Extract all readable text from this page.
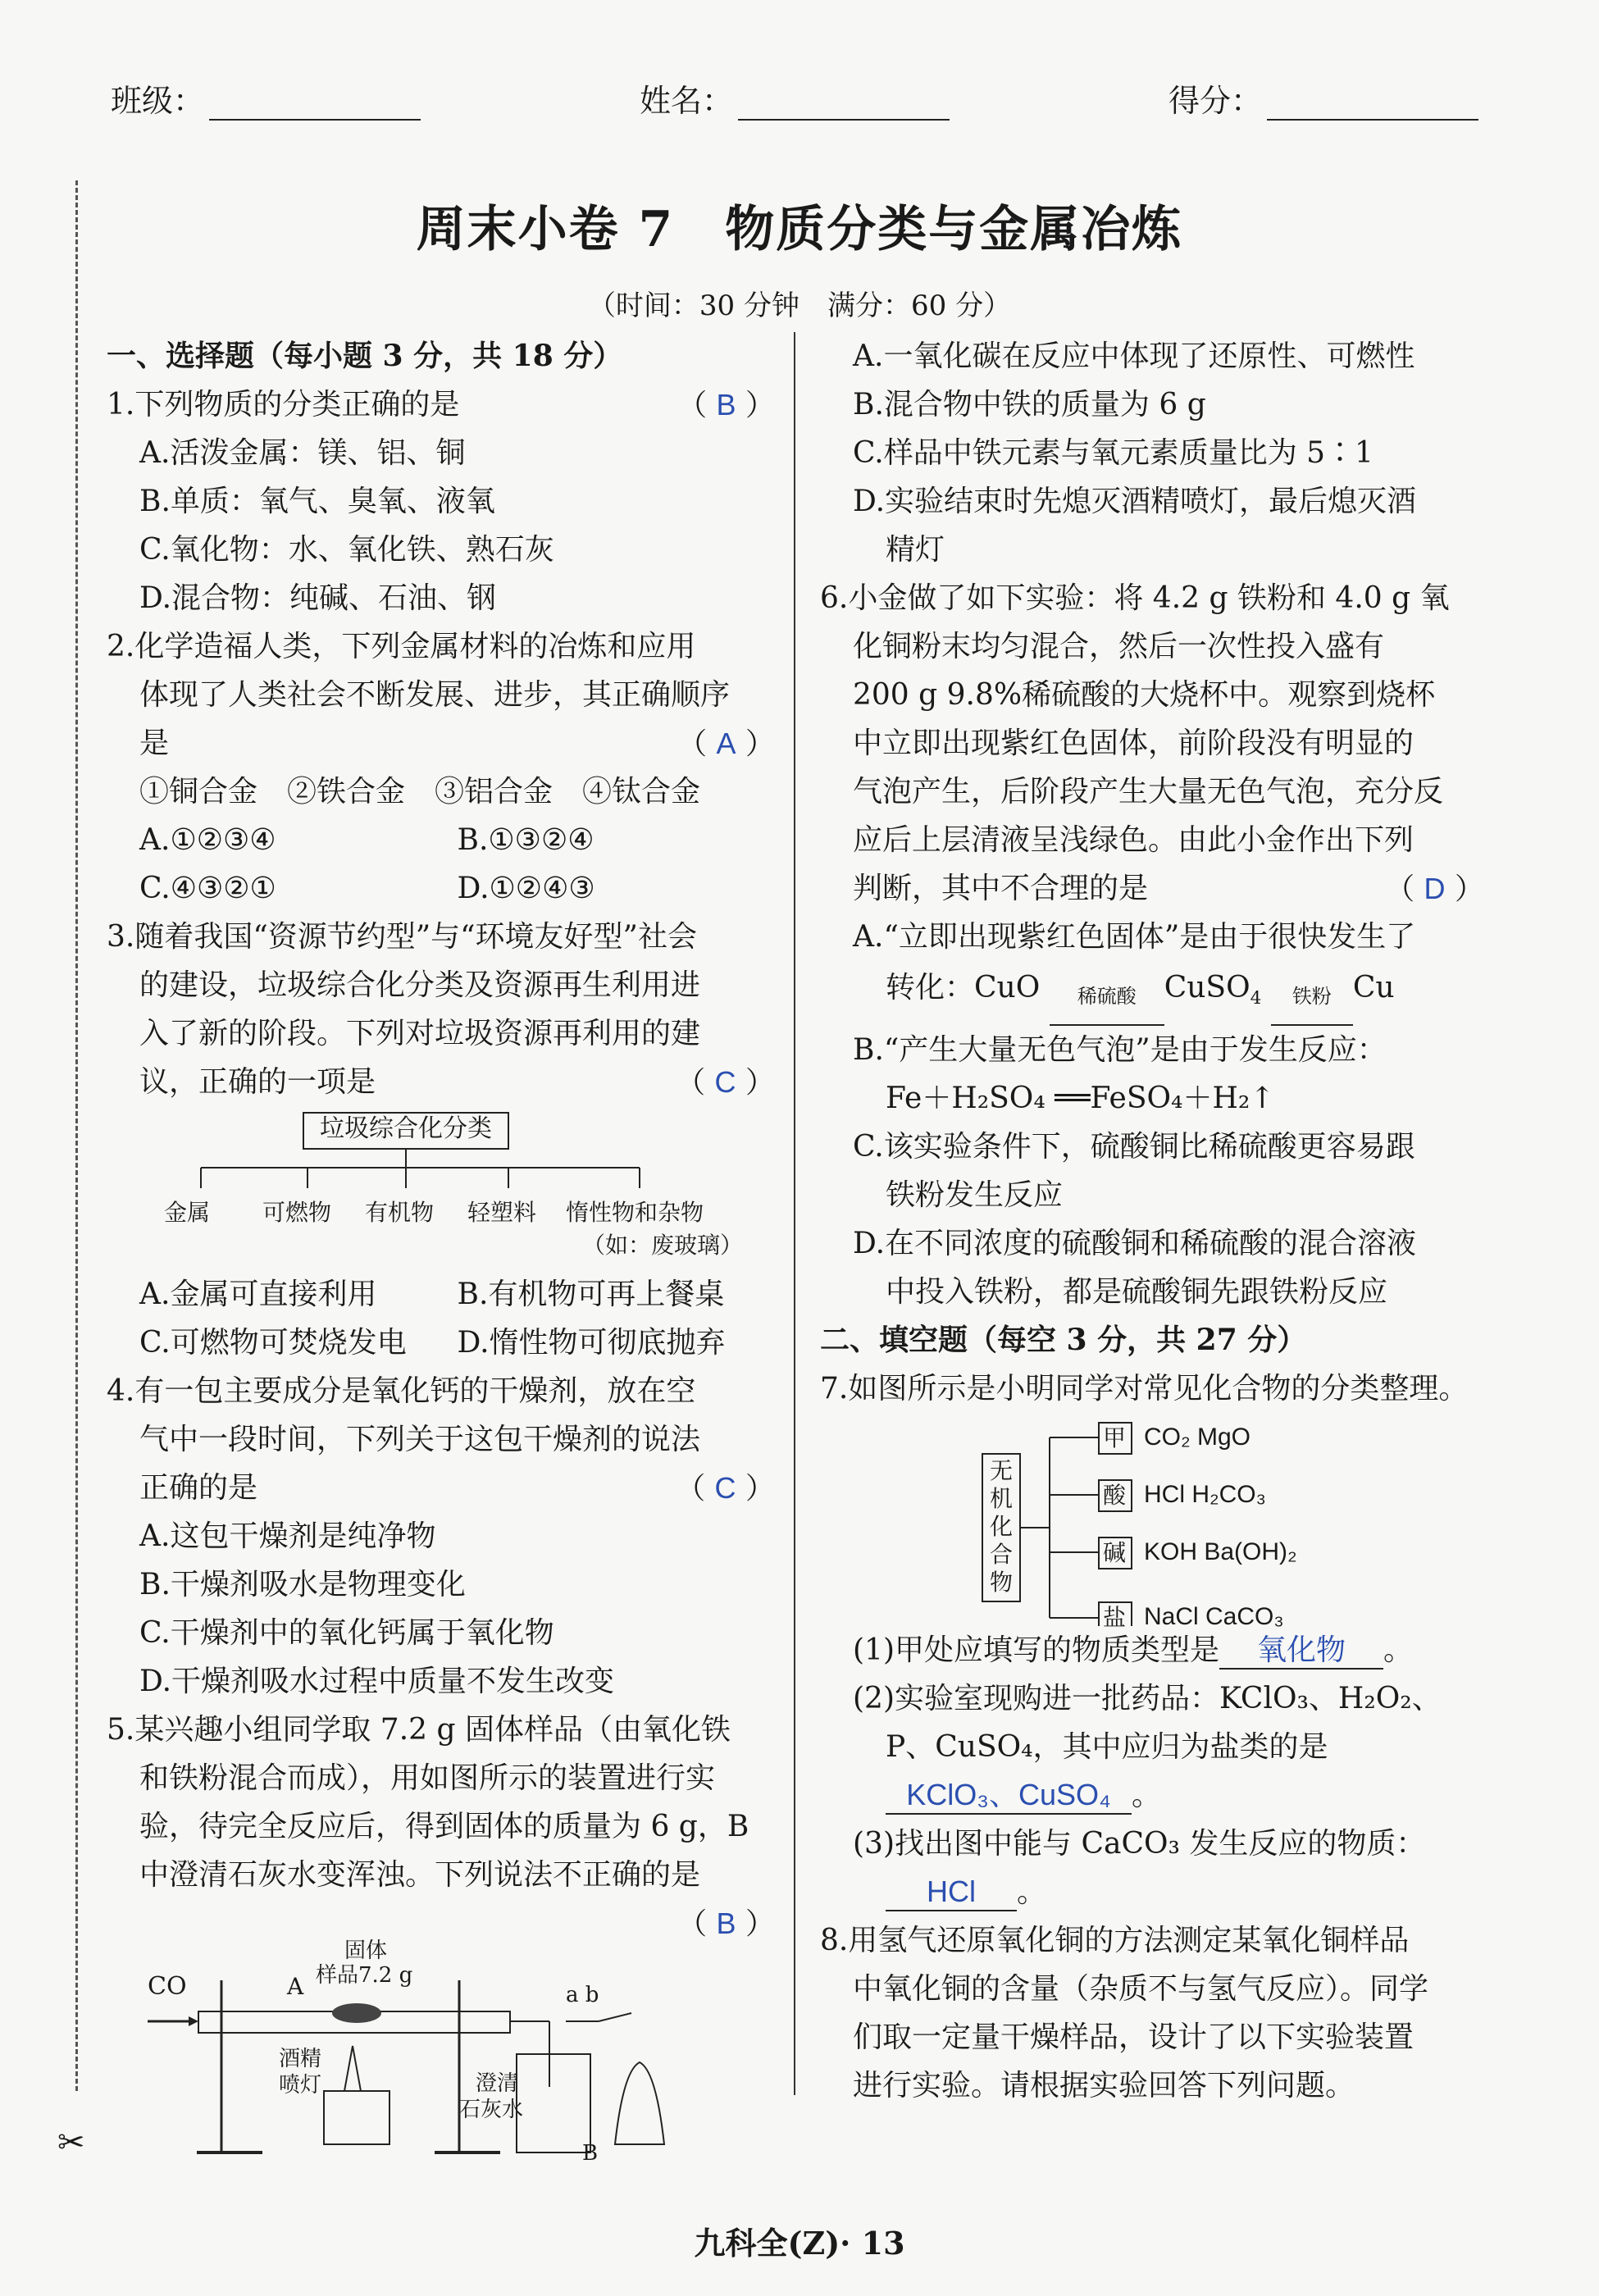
班级：	姓名：	得分：
✂
周末小卷 7　物质分类与金属冶炼
（时间：30 分钟　满分：60 分）

一、选择题（每小题 3 分，共 18 分）

1.下列物质的分类正确的是	（ B ）

A.活泼金属：镁、铝、铜

B.单质：氧气、臭氧、液氧

C.氧化物：水、氧化铁、熟石灰

D.混合物：纯碱、石油、钢

2.化学造福人类，下列金属材料的冶炼和应用

体现了人类社会不断发展、进步，其正确顺序

是	（ A ）

①铜合金　②铁合金　③铝合金　④钛合金

A.①②③④	B.①③②④

C.④③②①	D.①②④③

3.随着我国“资源节约型”与“环境友好型”社会

的建设，垃圾综合化分类及资源再生利用进

入了新的阶段。下列对垃圾资源再利用的建

议，正确的一项是	（ C ）

垃圾综合化分类
金属 可燃物 有机物 轻塑料 惰性物和杂物
（如：废玻璃）

A.金属可直接利用	B.有机物可再上餐桌

C.可燃物可焚烧发电	D.惰性物可彻底抛弃

4.有一包主要成分是氧化钙的干燥剂，放在空

气中一段时间，下列关于这包干燥剂的说法

正确的是	（ C ）

A.这包干燥剂是纯净物

B.干燥剂吸水是物理变化

C.干燥剂中的氧化钙属于氧化物

D.干燥剂吸水过程中质量不发生改变

5.某兴趣小组同学取 7.2 g 固体样品（由氧化铁

和铁粉混合而成），用如图所示的装置进行实

验，待完全反应后，得到固体的质量为 6 g，B

中澄清石灰水变浑浊。下列说法不正确的是

（ B ）

CO	A
固体
样品7.2 g
a b
酒精
喷灯	澄清
石灰水
B

A.一氧化碳在反应中体现了还原性、可燃性

B.混合物中铁的质量为 6 g

C.样品中铁元素与氧元素质量比为 5∶1

D.实验结束时先熄灭酒精喷灯，最后熄灭酒

精灯

6.小金做了如下实验：将 4.2 g 铁粉和 4.0 g 氧

化铜粉末均匀混合，然后一次性投入盛有

200 g 9.8%稀硫酸的大烧杯中。观察到烧杯

中立即出现紫红色固体，前阶段没有明显的

气泡产生，后阶段产生大量无色气泡，充分反

应后上层清液呈浅绿色。由此小金作出下列

判断，其中不合理的是	（ D ）

A.“立即出现紫红色固体”是由于很快发生了

转化：CuO	稀硫酸 CuSO$_4$	铁粉 Cu

B.“产生大量无色气泡”是由于发生反应：

Fe＋H₂SO₄ ══FeSO₄＋H₂↑

C.该实验条件下，硫酸铜比稀硫酸更容易跟

铁粉发生反应

D.在不同浓度的硫酸铜和稀硫酸的混合溶液

中投入铁粉，都是硫酸铜先跟铁粉反应

二、填空题（每空 3 分，共 27 分）

7.如图所示是小明同学对常见化合物的分类整理。

无机化合物
甲 CO₂ MgO
酸 HCl H₂CO₃
碱 KOH Ba(OH)₂
盐 NaCl CaCO₃

(1)甲处应填写的物质类型是 氧化物 。

(2)实验室现购进一批药品：KClO₃、H₂O₂、

P、CuSO₄，其中应归为盐类的是

KClO₃、CuSO₄ 。

(3)找出图中能与 CaCO₃ 发生反应的物质：

HCl 。

8.用氢气还原氧化铜的方法测定某氧化铜样品

中氧化铜的含量（杂质不与氢气反应）。同学

们取一定量干燥样品，设计了以下实验装置

进行实验。请根据实验回答下列问题。

九科全(Z)· 13
